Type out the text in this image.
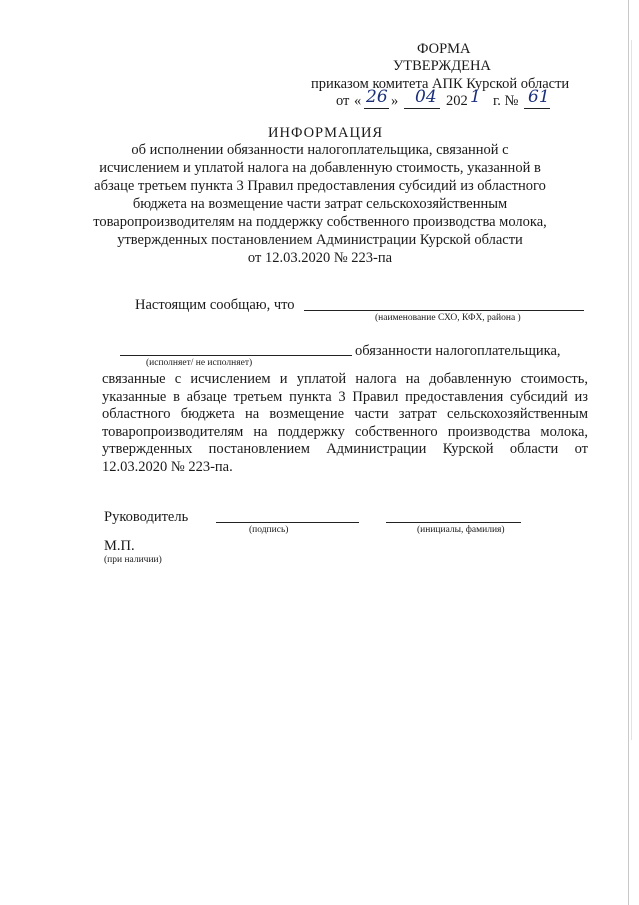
ФОРМА
УТВЕРЖДЕНА
приказом комитета АПК Курской области
от « 26 » 04 202 1 г. № 61
ИНФОРМАЦИЯ
об исполнении обязанности налогоплательщика, связанной с
исчислением и уплатой налога на добавленную стоимость, указанной в
абзаце третьем пункта 3 Правил предоставления субсидий из областного
бюджета на возмещение части затрат сельскохозяйственным
товаропроизводителям на поддержку собственного производства молока,
утвержденных постановлением Администрации Курской области
от 12.03.2020 № 223-па
Настоящим сообщаю, что
(наименование СХО, КФХ, района )
обязанности налогоплательщика,
(исполняет/ не исполняет)
связанные с исчислением и уплатой налога на добавленную стоимость,
указанные в абзаце третьем пункта 3 Правил предоставления субсидий из
областного бюджета на возмещение части затрат сельскохозяйственным
товаропроизводителям на поддержку собственного производства молока,
утвержденных постановлением Администрации Курской области от
12.03.2020 № 223-па.
Руководитель
(подпись)	(инициалы, фамилия)
М.П.
(при наличии)
